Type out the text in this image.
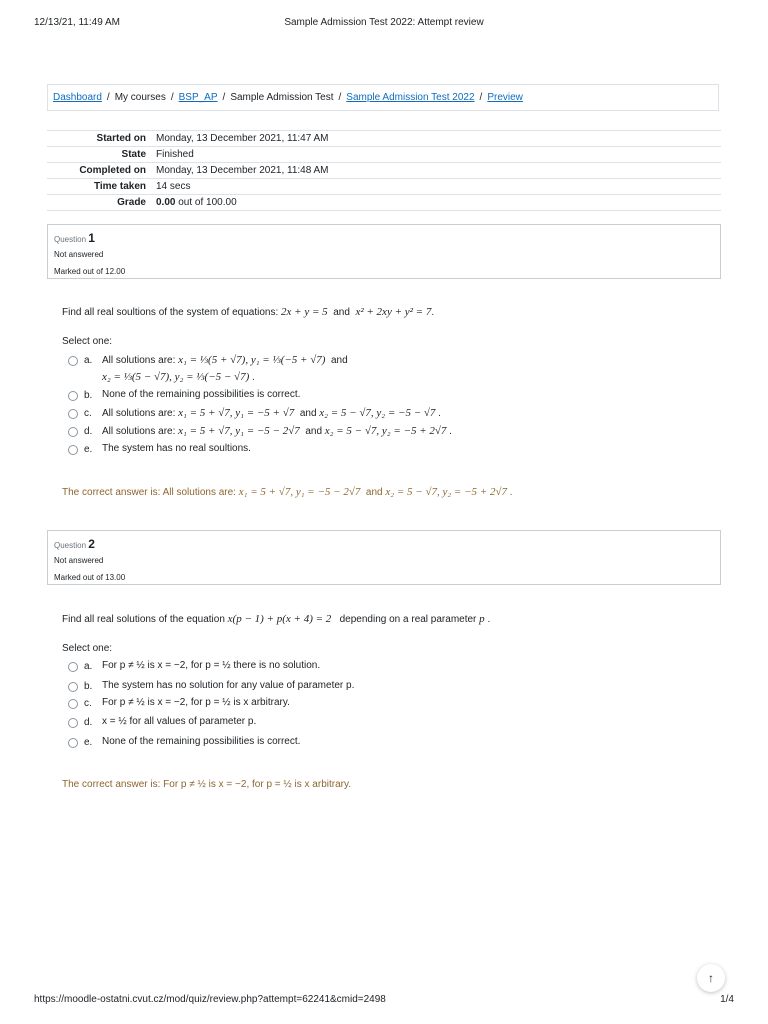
12/13/21, 11:49 AM	Sample Admission Test 2022: Attempt review
Dashboard / My courses / BSP_AP / Sample Admission Test / Sample Admission Test 2022 / Preview
Started on	Monday, 13 December 2021, 11:47 AM
State	Finished
Completed on	Monday, 13 December 2021, 11:48 AM
Time taken	14 secs
Grade	0.00 out of 100.00
Question 1
Not answered
Marked out of 12.00
Find all real soultions of the system of equations: 2x + y = 5 and x² + 2xy + y² = 7.
Select one:
a. All solutions are: x₁ = ⅓(5 + √7), y₁ = ⅓(−5 + √7) and
x₂ = ⅓(5 − √7), y₂ = ⅓(−5 − √7) .
b. None of the remaining possibilities is correct.
c.	All solutions are: x₁ = 5 + √7, y₁ = −5 + √7 and x₂ = 5 − √7, y₂ = −5 − √7 .
d. All solutions are: x₁ = 5 + √7, y₁ = −5 − 2√7 and x₂ = 5 − √7, y₂ = −5 + 2√7 .
e. The system has no real soultions.
The correct answer is: All solutions are: x₁ = 5 + √7, y₁ = −5 − 2√7 and x₂ = 5 − √7, y₂ = −5 + 2√7 .
Question 2
Not answered
Marked out of 13.00
Find all real solutions of the equation x(p − 1) + p(x + 4) = 2 depending on a real parameter p .
Select one:
a. For p ≠ ½ is x = −2, for p = ½ there is no solution.
b. The system has no solution for any value of parameter p.
c.	For p ≠ ½ is x = −2, for p = ½ is x arbitrary.
d. x = ½ for all values of parameter p.
e. None of the remaining possibilities is correct.
The correct answer is: For p ≠ ½ is x = −2, for p = ½ is x arbitrary.
↑
https://moodle-ostatni.cvut.cz/mod/quiz/review.php?attempt=62241&cmid=2498	1/4
